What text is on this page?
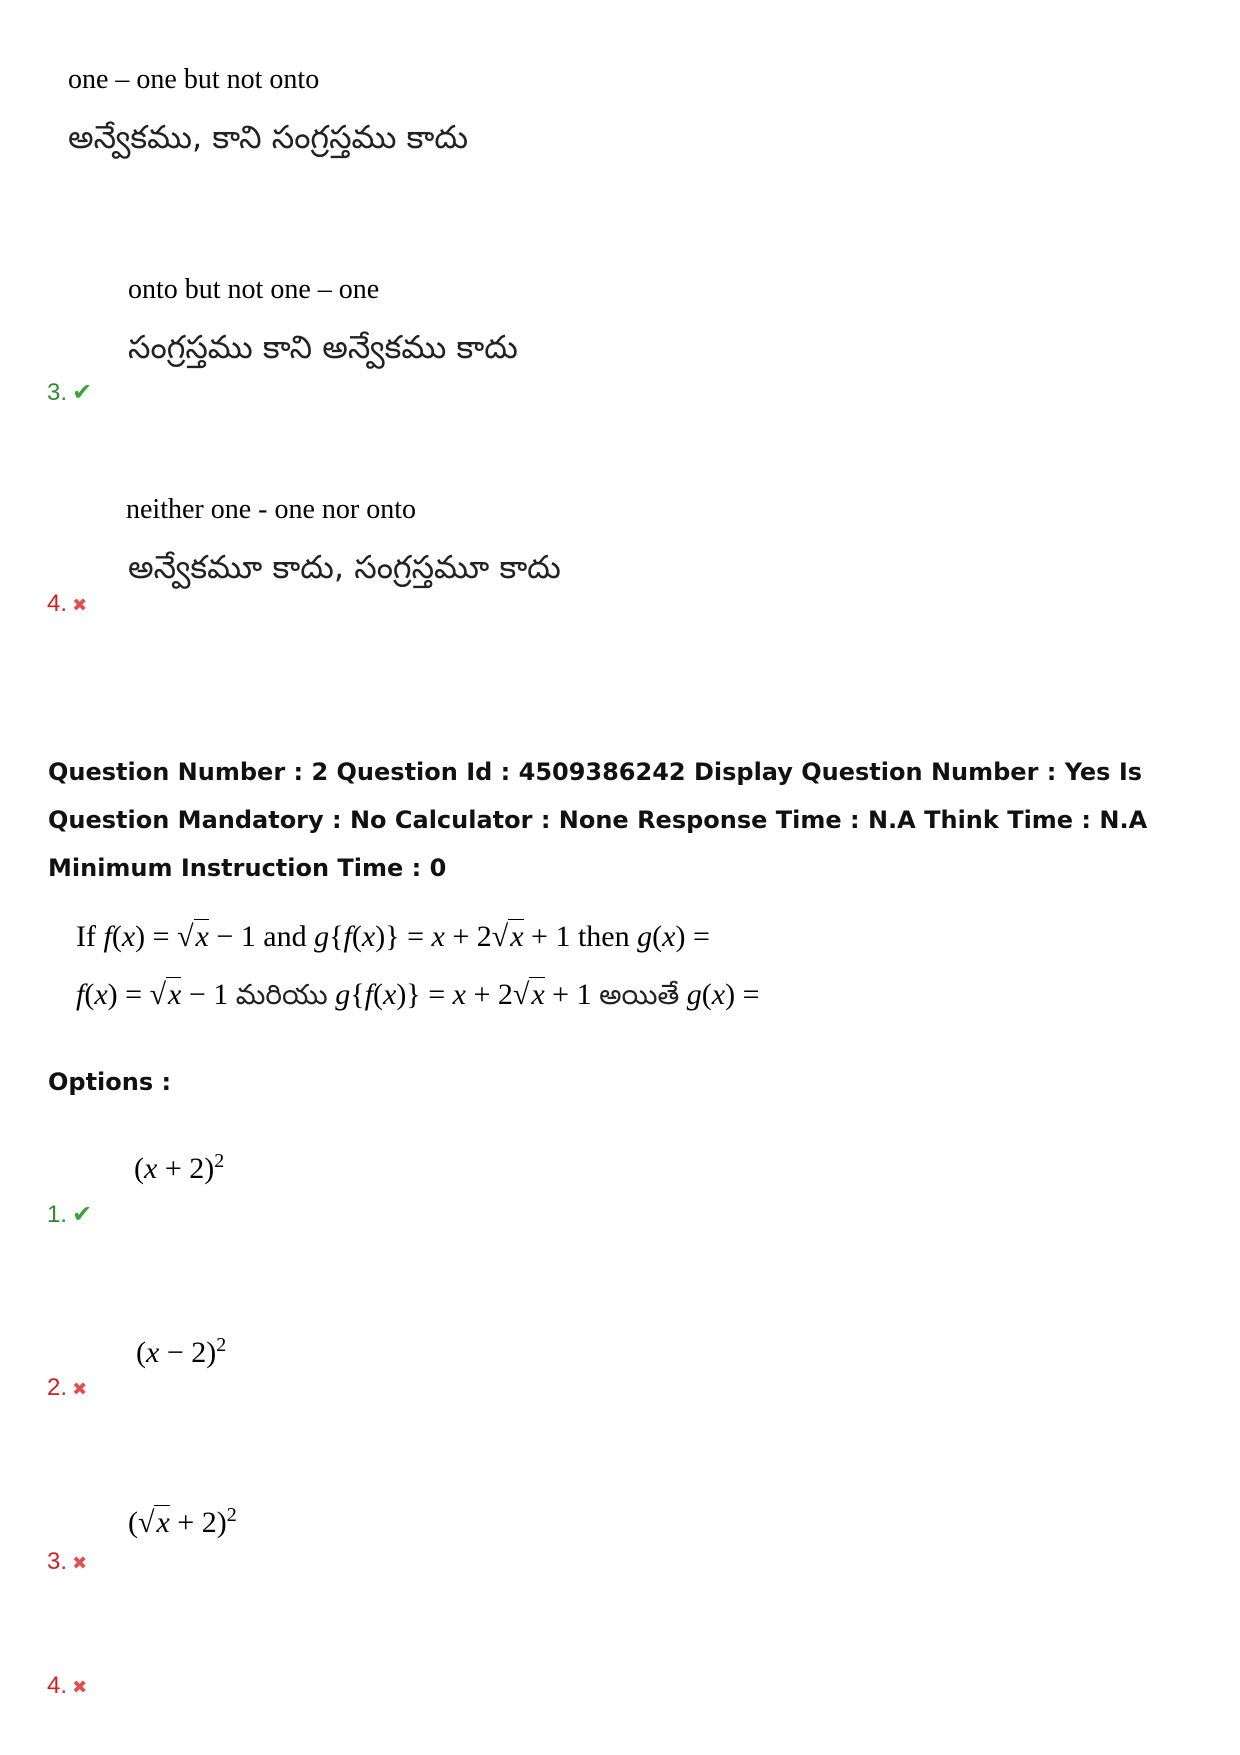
one – one but not onto
అన్వేకము, కాని సంగ్రస్తము కాదు
onto but not one – one
సంగ్రస్తము కాని అన్వేకము కాదు
3. ✔
neither one - one nor onto
అన్వేకమూ కాదు, సంగ్రస్తమూ కాదు
4. ✖
Question Number : 2 Question Id : 4509386242 Display Question Number : Yes Is Question Mandatory : No Calculator : None Response Time : N.A Think Time : N.A Minimum Instruction Time : 0
If f(x) = √x − 1 and g{f(x)} = x + 2√x + 1 then g(x) =
f(x) = √x − 1 మరియు g{f(x)} = x + 2√x + 1 అయితే g(x) =
Options :
$(x + 2)^2$
1. ✔
$(x - 2)^2$
2. ✖
$(√x + 2)^2$
3. ✖
4. ✖
